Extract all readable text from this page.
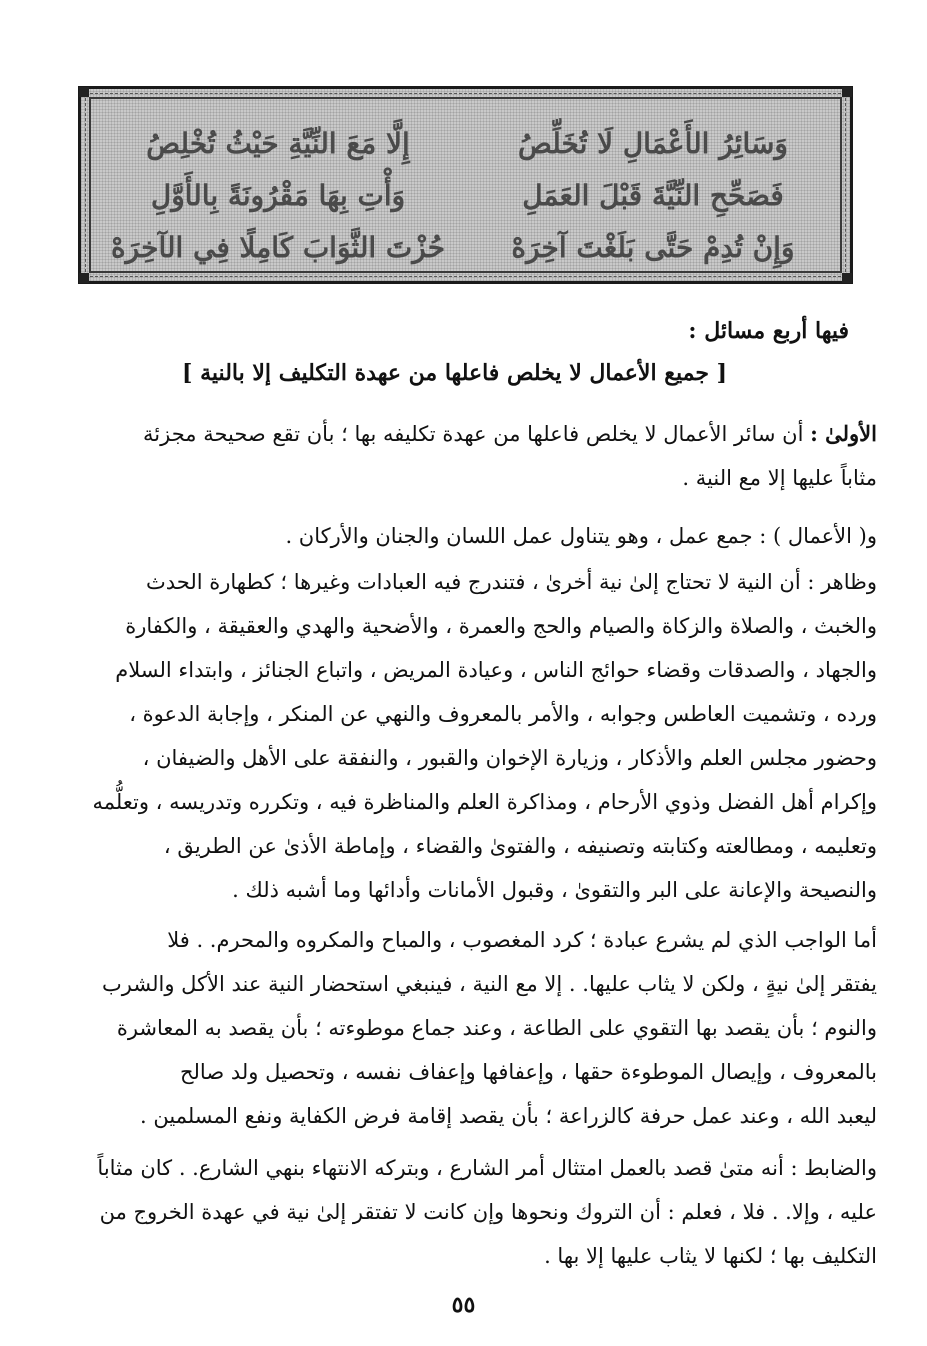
وَسَائِرُ الأَعْمَالِ لَا تُخَلِّصُ
إِلَّا مَعَ النِّيَّةِ حَيْثُ تُخْلِصُ
فَصَحِّحِ النِّيَّةَ قَبْلَ العَمَلِ
وَأْتِ بِهَا مَقْرُونَةً بِالأَوَّلِ
وَإِنْ تُدِمْ حَتَّى بَلَغْتَ آخِرَهْ
حُزْتَ الثَّوَابَ كَامِلًا فِي الآخِرَهْ
فيها أربع مسائل :
[ جميع الأعمال لا يخلص فاعلها من عهدة التكليف إلا بالنية ]
الأولىٰ : أن سائر الأعمال لا يخلص فاعلها من عهدة تكليفه بها ؛ بأن تقع صحيحة مجزئة
مثاباً عليها إلا مع النية .
و( الأعمال ) : جمع عمل ، وهو يتناول عمل اللسان والجنان والأركان .
وظاهر : أن النية لا تحتاج إلىٰ نية أخرىٰ ، فتندرج فيه العبادات وغيرها ؛ كطهارة الحدث
والخبث ، والصلاة والزكاة والصيام والحج والعمرة ، والأضحية والهدي والعقيقة ، والكفارة
والجهاد ، والصدقات وقضاء حوائج الناس ، وعيادة المريض ، واتباع الجنائز ، وابتداء السلام
ورده ، وتشميت العاطس وجوابه ، والأمر بالمعروف والنهي عن المنكر ، وإجابة الدعوة ،
وحضور مجلس العلم والأذكار ، وزيارة الإخوان والقبور ، والنفقة على الأهل والضيفان ،
وإكرام أهل الفضل وذوي الأرحام ، ومذاكرة العلم والمناظرة فيه ، وتكرره وتدريسه ، وتعلُّمه
وتعليمه ، ومطالعته وكتابته وتصنيفه ، والفتوىٰ والقضاء ، وإماطة الأذىٰ عن الطريق ،
والنصيحة والإعانة على البر والتقوىٰ ، وقبول الأمانات وأدائها وما أشبه ذلك .
أما الواجب الذي لم يشرع عبادة ؛ كرد المغصوب ، والمباح والمكروه والمحرم. . فلا
يفتقر إلىٰ نيةٍ ، ولكن لا يثاب عليها. . إلا مع النية ، فينبغي استحضار النية عند الأكل والشرب
والنوم ؛ بأن يقصد بها التقوي على الطاعة ، وعند جماع موطوءته ؛ بأن يقصد به المعاشرة
بالمعروف ، وإيصال الموطوءة حقها ، وإعفافها وإعفاف نفسه ، وتحصيل ولد صالح
ليعبد الله ، وعند عمل حرفة كالزراعة ؛ بأن يقصد إقامة فرض الكفاية ونفع المسلمين .
والضابط : أنه متىٰ قصد بالعمل امتثال أمر الشارع ، وبتركه الانتهاء بنهي الشارع. . كان مثاباً
عليه ، وإلا. . فلا ، فعلم : أن التروك ونحوها وإن كانت لا تفتقر إلىٰ نية في عهدة الخروج من
التكليف بها ؛ لكنها لا يثاب عليها إلا بها .
٥٥
